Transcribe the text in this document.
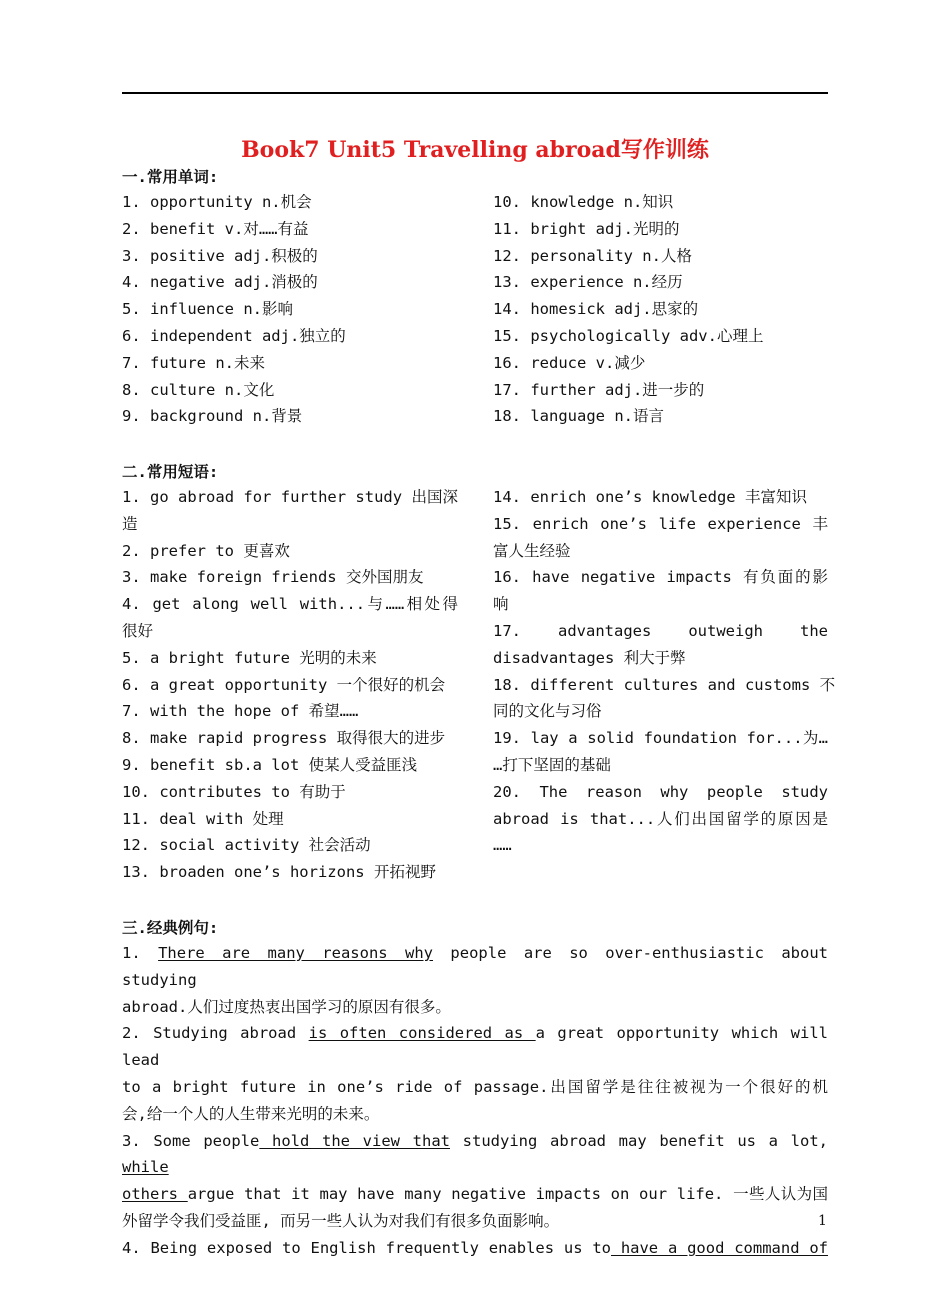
Book7 Unit5 Travelling abroad写作训练
一.常用单词:
1. opportunity n.机会
2. benefit v.对……有益
3. positive adj.积极的
4. negative adj.消极的
5. influence n.影响
6. independent adj.独立的
7. future n.未来
8. culture n.文化
9. background n.背景
10. knowledge n.知识
11. bright adj.光明的
12. personality n.人格
13. experience n.经历
14. homesick adj.思家的
15. psychologically adv.心理上
16. reduce v.减少
17. further adj.进一步的
18. language n.语言
二.常用短语:
1. go abroad for further study 出国深
造
2. prefer to 更喜欢
3. make foreign friends 交外国朋友
4. get along well with...与……相处得
很好
5. a bright future 光明的未来
6. a great opportunity 一个很好的机会
7. with the hope of 希望……
8. make rapid progress 取得很大的进步
9. benefit sb.a lot 使某人受益匪浅
10. contributes to 有助于
11. deal with 处理
12. social activity 社会活动
13. broaden one’s horizons 开拓视野
14. enrich one’s knowledge 丰富知识
15. enrich one’s life experience 丰
富人生经验
16. have negative impacts 有负面的影
响
17. advantages outweigh the
disadvantages 利大于弊
18. different cultures and customs 不
同的文化与习俗
19. lay a solid foundation for...为…
…打下坚固的基础
20. The reason why people study
abroad is that...人们出国留学的原因是
……
三.经典例句:
1. There are many reasons why people are so over-enthusiastic about studying
abroad.人们过度热衷出国学习的原因有很多。
2. Studying abroad is often considered as a great opportunity which will lead
to a bright future in one’s ride of passage.出国留学是往往被视为一个很好的机
会,给一个人的人生带来光明的未来。
3. Some people hold the view that studying abroad may benefit us a lot, while
others argue that it may have many negative impacts on our life. 一些人认为国
外留学令我们受益匪, 而另一些人认为对我们有很多负面影响。
4. Being exposed to English frequently enables us to have a good command of
1
